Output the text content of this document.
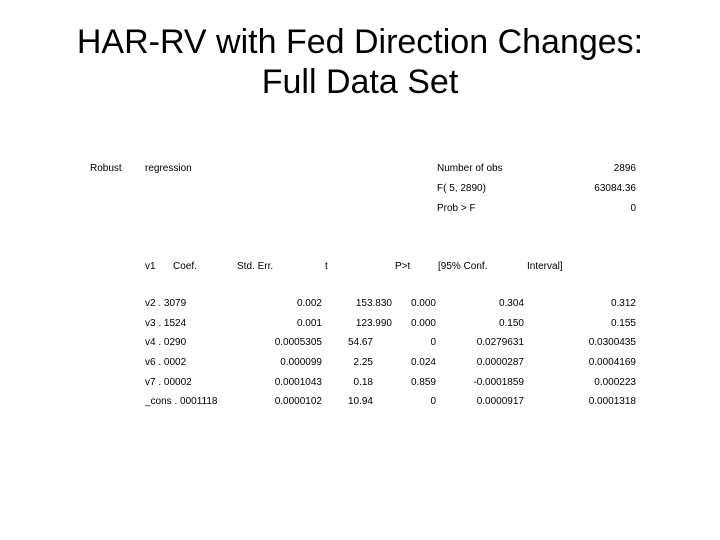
HAR-RV with Fed Direction Changes:
Full Data Set
Robust regression	Number of obs	2896
F( 5, 2890)	63084.36
Prob > F	0
v1 Coef.	Std. Err.	t	P>t	[95% Conf.	Interval]
v2 . 3079	0.002	153.830	0.000	0.304	0.312
v3 . 1524	0.001	123.990	0.000	0.150	0.155
v4 . 0290	0.0005305	54.67	0	0.0279631	0.0300435
v6 . 0002	0.000099	2.25	0.024	0.0000287	0.0004169
v7 . 00002	0.0001043	0.18	0.859	-0.0001859	0.000223
_cons . 0001118	0.0000102	10.94	0	0.0000917	0.0001318
